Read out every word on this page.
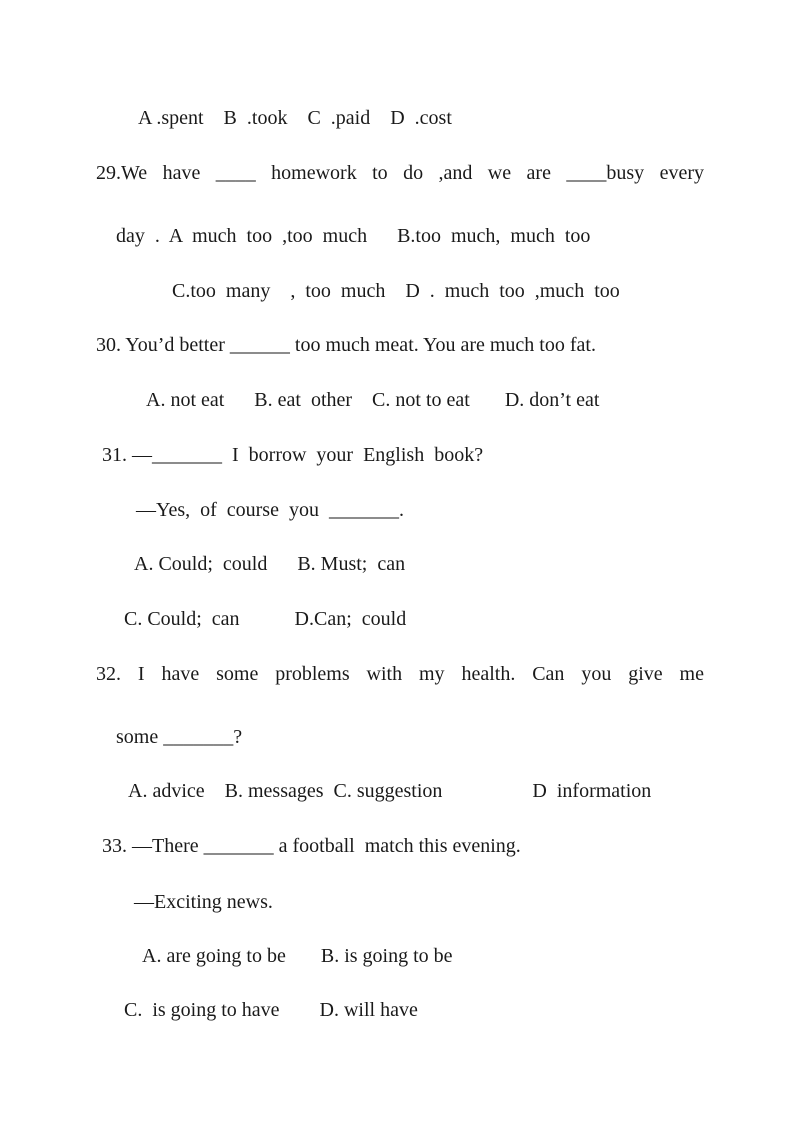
A .spent    B  .took    C  .paid    D  .cost
29.We have ____ homework to do ,and we are ____busy every
day  .  A  much  too  ,too  much      B.too  much,  much  too
C.too  many    ,  too  much    D  .  much  too  ,much  too
30. You’d better ______ too much meat. You are much too fat.
A. not eat      B. eat  other    C. not to eat       D. don’t eat
31. —_______  I  borrow  your  English  book?
—Yes,  of  course  you  _______.
A. Could;  could      B. Must;  can
C. Could;  can           D.Can;  could
32. I have some problems with my health. Can you give me
some _______?
A. advice    B. messages  C. suggestion                  D  information
33. —There _______ a football  match this evening.
—Exciting news.
A. are going to be       B. is going to be
C.  is going to have        D. will have
